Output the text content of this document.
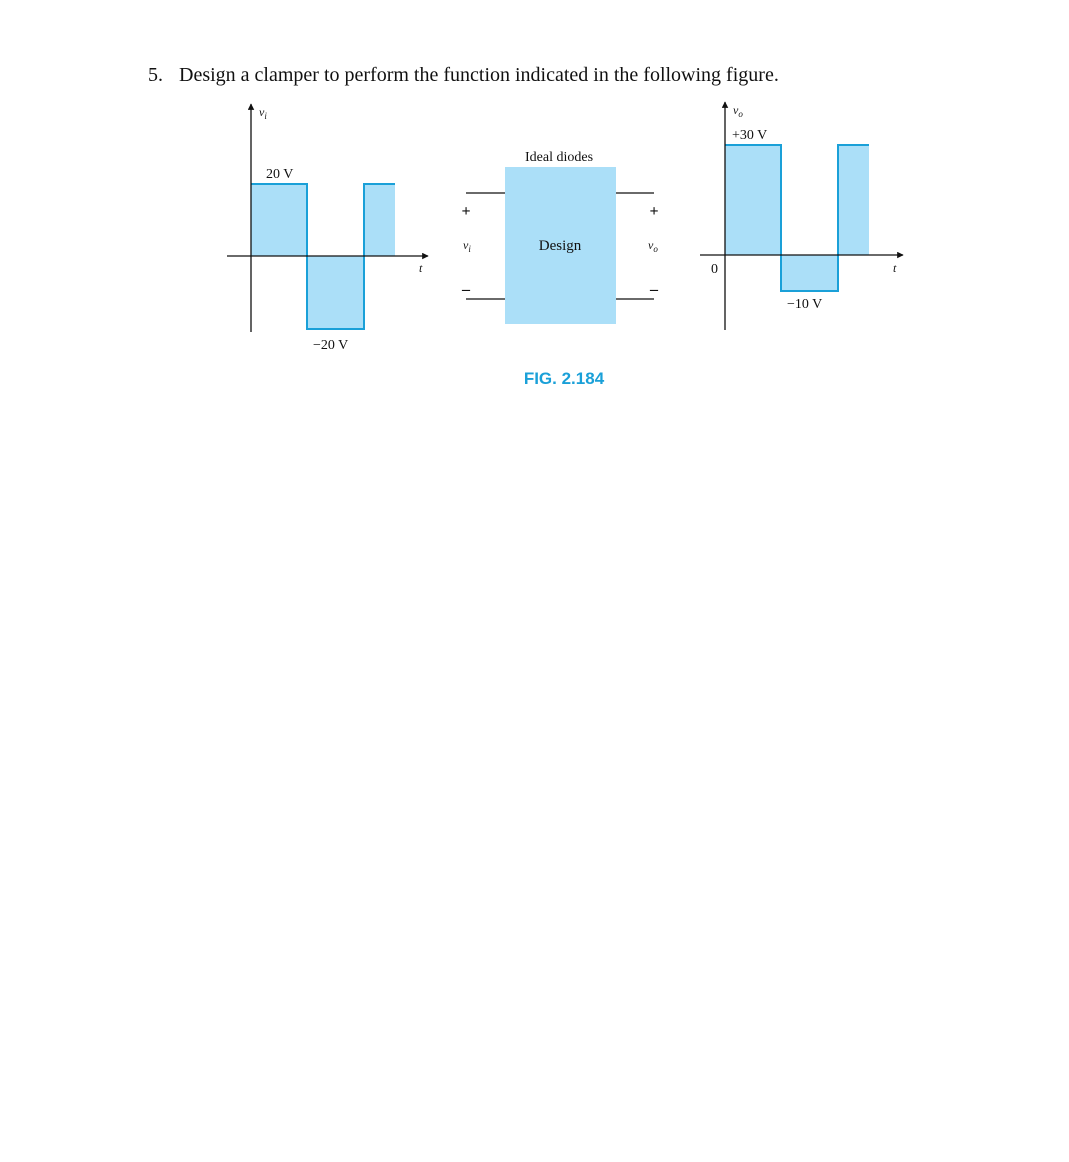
5. Design a clamper to perform the function indicated in the following figure.
$v_i$
20 V
−20 V
t
Ideal diodes
Design
+
$v_i$
–
+
$v_o$
–
$v_o$
+30 V
0
−10 V
t
FIG. 2.184
